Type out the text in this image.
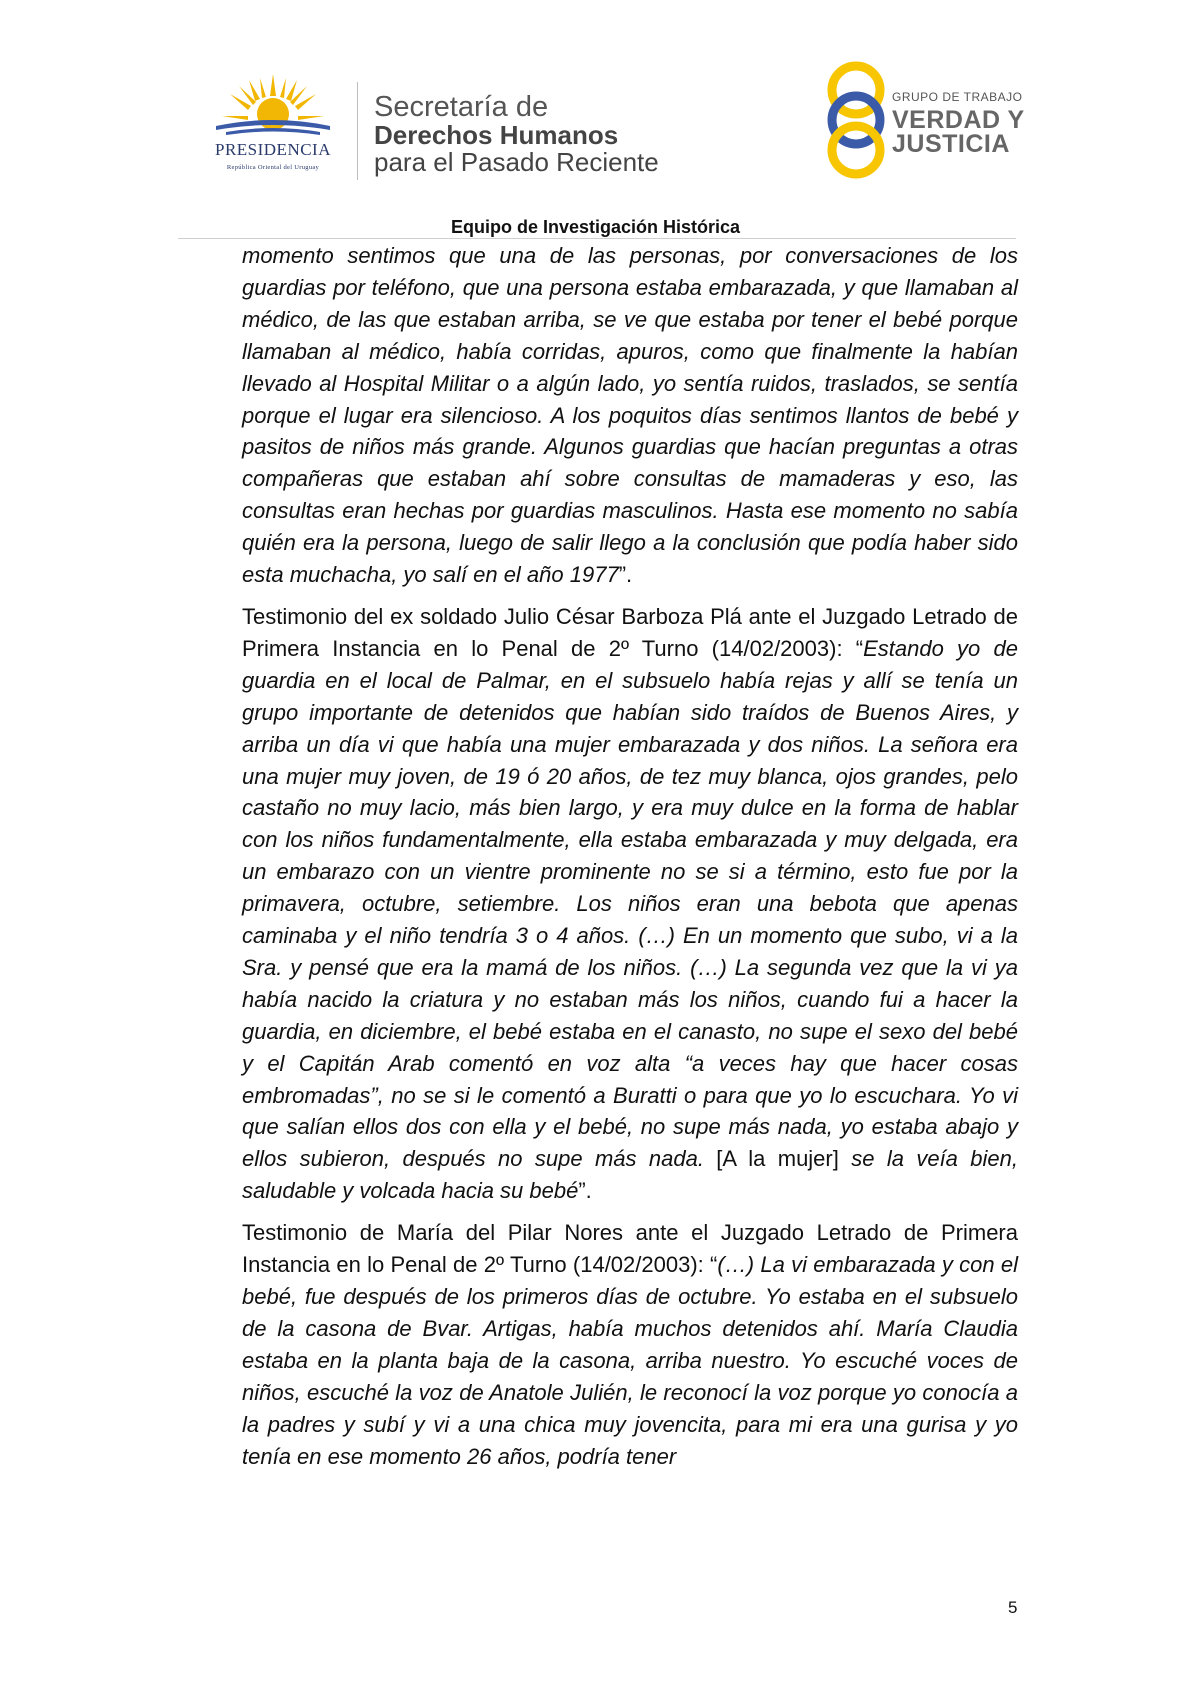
PRESIDENCIA
República Oriental del Uruguay
Secretaría de
Derechos Humanos
para el Pasado Reciente
GRUPO DE TRABAJO
VERDAD Y
JUSTICIA
Equipo de Investigación Histórica

momento sentimos que una de las personas, por conversaciones de los guardias por teléfono, que una persona estaba embarazada, y que llamaban al médico, de las que estaban arriba, se ve que estaba por tener el bebé porque llamaban al médico, había corridas, apuros, como que finalmente la habían llevado al Hospital Militar o a algún lado, yo sentía ruidos, traslados, se sentía porque el lugar era silencioso. A los poquitos días sentimos llantos de bebé y pasitos de niños más grande. Algunos guardias que hacían preguntas a otras compañeras que estaban ahí sobre consultas de mamaderas y eso, las consultas eran hechas por guardias masculinos. Hasta ese momento no sabía quién era la persona, luego de salir llego a la conclusión que podía haber sido esta muchacha, yo salí en el año 1977”.

Testimonio del ex soldado Julio César Barboza Plá ante el Juzgado Letrado de Primera Instancia en lo Penal de 2º Turno (14/02/2003): “Estando yo de guardia en el local de Palmar, en el subsuelo había rejas y allí se tenía un grupo importante de detenidos que habían sido traídos de Buenos Aires, y arriba un día vi que había una mujer embarazada y dos niños. La señora era una mujer muy joven, de 19 ó 20 años, de tez muy blanca, ojos grandes, pelo castaño no muy lacio, más bien largo, y era muy dulce en la forma de hablar con los niños fundamentalmente, ella estaba embarazada y muy delgada, era un embarazo con un vientre prominente no se si a término, esto fue por la primavera, octubre, setiembre. Los niños eran una bebota que apenas caminaba y el niño tendría 3 o 4 años. (…) En un momento que subo, vi a la Sra. y pensé que era la mamá de los niños. (…) La segunda vez que la vi ya había nacido la criatura y no estaban más los niños, cuando fui a hacer la guardia, en diciembre, el bebé estaba en el canasto, no supe el sexo del bebé y el Capitán Arab comentó en voz alta “a veces hay que hacer cosas embromadas”, no se si le comentó a Buratti o para que yo lo escuchara. Yo vi que salían ellos dos con ella y el bebé, no supe más nada, yo estaba abajo y ellos subieron, después no supe más nada. [A la mujer] se la veía bien, saludable y volcada hacia su bebé”.

Testimonio de María del Pilar Nores ante el Juzgado Letrado de Primera Instancia en lo Penal de 2º Turno (14/02/2003): “(…) La vi embarazada y con el bebé, fue después de los primeros días de octubre. Yo estaba en el subsuelo de la casona de Bvar. Artigas, había muchos detenidos ahí. María Claudia estaba en la planta baja de la casona, arriba nuestro. Yo escuché voces de niños, escuché la voz de Anatole Julién, le reconocí la voz porque yo conocía a la padres y subí y vi a una chica muy jovencita, para mi era una gurisa y yo tenía en ese momento 26 años, podría tener

5
